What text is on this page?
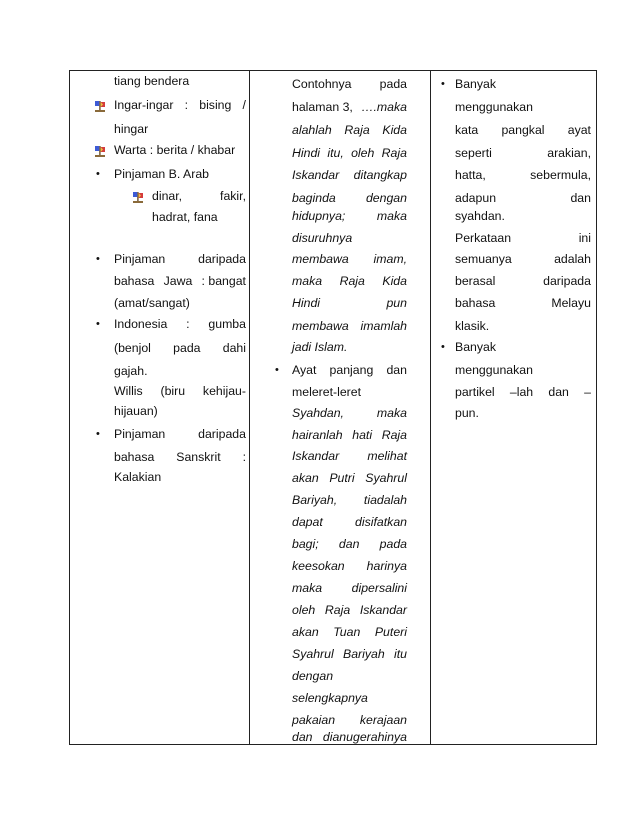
tiang bendera
Ingar-ingar : bising /
hingar
Warta : berita / khabar
• Pinjaman B. Arab
dinar,	fakir,
hadrat, fana
• Pinjaman	daripada
bahasa Jawa : bangat
(amat/sangat)
• Indonesia : gumba
(benjol pada dahi
gajah.
Willis (biru kehijau-
hijauan)
• Pinjaman	daripada
bahasa Sanskrit :
Kalakian
Contohnya pada
halaman 3, ….maka
alahlah Raja Kida
Hindi itu, oleh Raja
Iskandar ditangkap
baginda dengan
hidupnya;	maka
disuruhnya
membawa imam,
maka Raja Kida
Hindi	pun
membawa imamlah
jadi Islam.
• Ayat panjang dan
meleret-leret
Syahdan,	maka
hairanlah hati Raja
Iskandar melihat
akan Putri Syahrul
Bariyah, tiadalah
dapat	disifatkan
bagi; dan pada
keesokan harinya
maka dipersalini
oleh Raja Iskandar
akan Tuan Puteri
Syahrul Bariyah itu
dengan
selengkapnya
pakaian kerajaan
dan dianugerahinya
• Banyak
menggunakan
kata pangkal ayat
seperti	arakian,
hatta,	sebermula,
adapun	dan
syahdan.
Perkataan	ini
semuanya	adalah
berasal	daripada
bahasa	Melayu
klasik.
• Banyak
menggunakan
partikel –lah dan –
pun.
